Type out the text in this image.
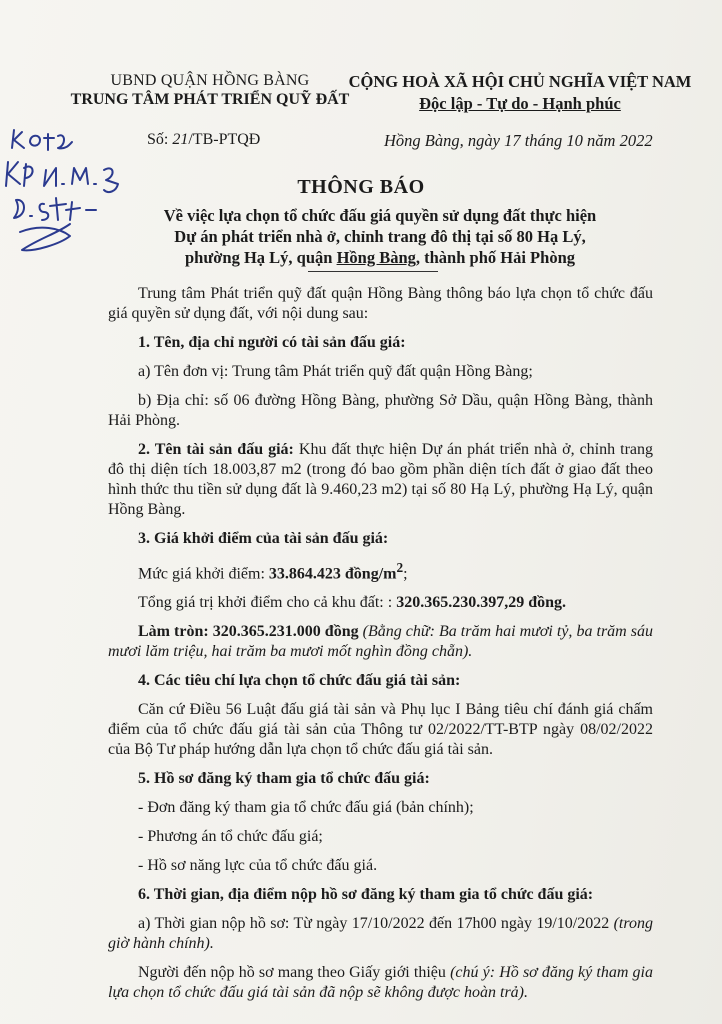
UBND QUẬN HỒNG BÀNG
TRUNG TÂM PHÁT TRIỂN QUỸ ĐẤT
CỘNG HOÀ XÃ HỘI CHỦ NGHĨA VIỆT NAM
Độc lập - Tự do - Hạnh phúc
Số: 21/TB-PTQĐ	Hồng Bàng, ngày 17 tháng 10 năm 2022
THÔNG BÁO
Về việc lựa chọn tổ chức đấu giá quyền sử dụng đất thực hiện
Dự án phát triển nhà ở, chỉnh trang đô thị tại số 80 Hạ Lý,
phường Hạ Lý, quận Hồng Bàng, thành phố Hải Phòng

Trung tâm Phát triển quỹ đất quận Hồng Bàng thông báo lựa chọn tổ chức đấu giá quyền sử dụng đất, với nội dung sau:

1. Tên, địa chỉ người có tài sản đấu giá:

a) Tên đơn vị: Trung tâm Phát triển quỹ đất quận Hồng Bàng;

b) Địa chỉ: số 06 đường Hồng Bàng, phường Sở Dầu, quận Hồng Bàng, thành Hải Phòng.

2. Tên tài sản đấu giá: Khu đất thực hiện Dự án phát triển nhà ở, chỉnh trang đô thị diện tích 18.003,87 m2 (trong đó bao gồm phần diện tích đất ở giao đất theo hình thức thu tiền sử dụng đất là 9.460,23 m2) tại số 80 Hạ Lý, phường Hạ Lý, quận Hồng Bàng.

3. Giá khởi điểm của tài sản đấu giá:

Mức giá khởi điểm: 33.864.423 đồng/$m^2$;

Tổng giá trị khởi điểm cho cả khu đất: : 320.365.230.397,29 đồng.

Làm tròn: 320.365.231.000 đồng (Bằng chữ: Ba trăm hai mươi tỷ, ba trăm sáu mươi lăm triệu, hai trăm ba mươi mốt nghìn đồng chẵn).

4. Các tiêu chí lựa chọn tổ chức đấu giá tài sản:

Căn cứ Điều 56 Luật đấu giá tài sản và Phụ lục I Bảng tiêu chí đánh giá chấm điểm của tổ chức đấu giá tài sản của Thông tư 02/2022/TT-BTP ngày 08/02/2022 của Bộ Tư pháp hướng dẫn lựa chọn tổ chức đấu giá tài sản.

5. Hồ sơ đăng ký tham gia tổ chức đấu giá:

- Đơn đăng ký tham gia tổ chức đấu giá (bản chính);

- Phương án tổ chức đấu giá;

- Hồ sơ năng lực của tổ chức đấu giá.

6. Thời gian, địa điểm nộp hồ sơ đăng ký tham gia tổ chức đấu giá:

a) Thời gian nộp hồ sơ: Từ ngày 17/10/2022 đến 17h00 ngày 19/10/2022 (trong giờ hành chính).

Người đến nộp hồ sơ mang theo Giấy giới thiệu (chú ý: Hồ sơ đăng ký tham gia lựa chọn tổ chức đấu giá tài sản đã nộp sẽ không được hoàn trả).
